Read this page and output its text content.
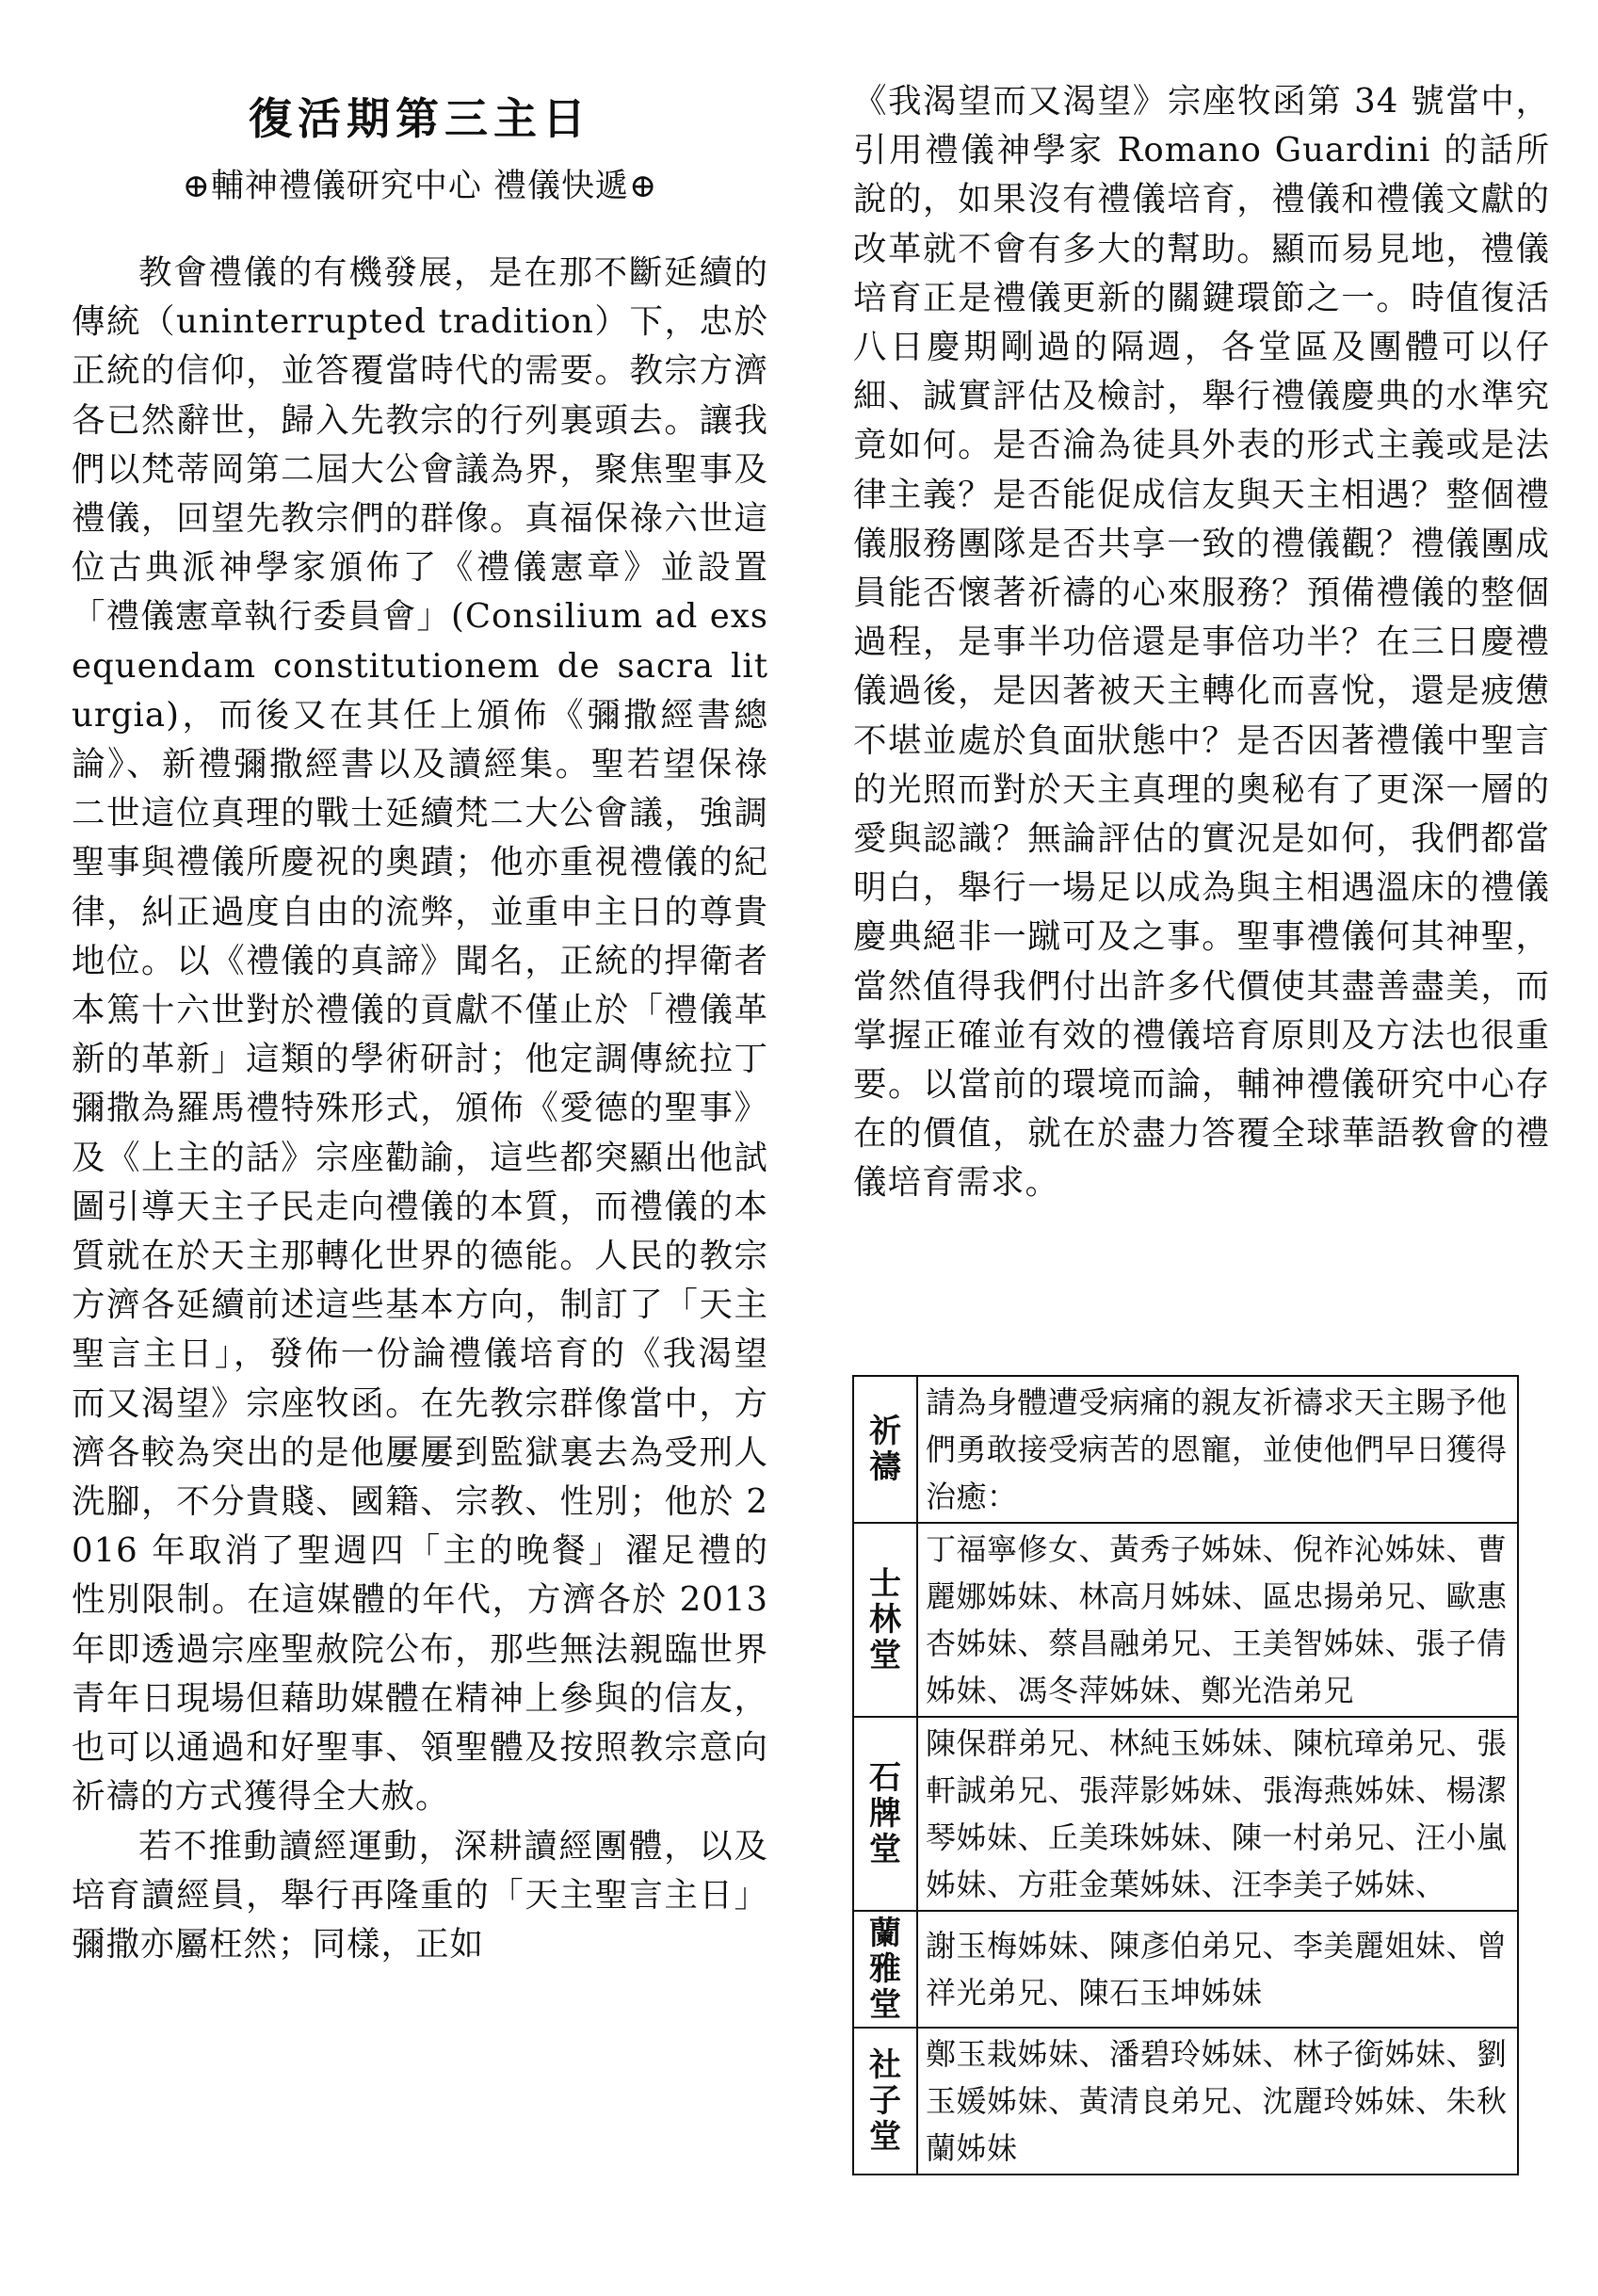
復活期第三主日
⊕輔神禮儀研究中心 禮儀快遞⊕

教會禮儀的有機發展，是在那不斷延續的傳統（uninterrupted tradition）下，忠於正統的信仰，並答覆當時代的需要。教宗方濟各已然辭世，歸入先教宗的行列裏頭去。讓我們以梵蒂岡第二屆大公會議為界，聚焦聖事及禮儀，回望先教宗們的群像。真福保祿六世這位古典派神學家頒佈了《禮儀憲章》並設置「禮儀憲章執行委員會」(Consilium ad exsequendam constitutionem de sacra liturgia)，而後又在其任上頒佈《彌撒經書總論》、新禮彌撒經書以及讀經集。聖若望保祿二世這位真理的戰士延續梵二大公會議，強調聖事與禮儀所慶祝的奧蹟；他亦重視禮儀的紀律，糾正過度自由的流弊，並重申主日的尊貴地位。以《禮儀的真諦》聞名，正統的捍衛者本篤十六世對於禮儀的貢獻不僅止於「禮儀革新的革新」這類的學術研討；他定調傳統拉丁彌撒為羅馬禮特殊形式，頒佈《愛德的聖事》及《上主的話》宗座勸諭，這些都突顯出他試圖引導天主子民走向禮儀的本質，而禮儀的本質就在於天主那轉化世界的德能。人民的教宗方濟各延續前述這些基本方向，制訂了「天主聖言主日」，發佈一份論禮儀培育的《我渴望而又渴望》宗座牧函。在先教宗群像當中，方濟各較為突出的是他屢屢到監獄裏去為受刑人洗腳，不分貴賤、國籍、宗教、性別；他於 2016 年取消了聖週四「主的晚餐」濯足禮的性別限制。在這媒體的年代，方濟各於 2013 年即透過宗座聖赦院公布，那些無法親臨世界青年日現場但藉助媒體在精神上參與的信友，也可以通過和好聖事、領聖體及按照教宗意向祈禱的方式獲得全大赦。

若不推動讀經運動，深耕讀經團體，以及培育讀經員，舉行再隆重的「天主聖言主日」彌撒亦屬枉然；同樣，正如

《我渴望而又渴望》宗座牧函第 34 號當中，引用禮儀神學家 Romano Guardini 的話所說的，如果沒有禮儀培育，禮儀和禮儀文獻的改革就不會有多大的幫助。顯而易見地，禮儀培育正是禮儀更新的關鍵環節之一。時值復活八日慶期剛過的隔週，各堂區及團體可以仔細、誠實評估及檢討，舉行禮儀慶典的水準究竟如何。是否淪為徒具外表的形式主義或是法律主義？是否能促成信友與天主相遇？整個禮儀服務團隊是否共享一致的禮儀觀？禮儀團成員能否懷著祈禱的心來服務？預備禮儀的整個過程，是事半功倍還是事倍功半？在三日慶禮儀過後，是因著被天主轉化而喜悅，還是疲憊不堪並處於負面狀態中？是否因著禮儀中聖言的光照而對於天主真理的奧秘有了更深一層的愛與認識？無論評估的實況是如何，我們都當明白，舉行一場足以成為與主相遇溫床的禮儀慶典絕非一蹴可及之事。聖事禮儀何其神聖，當然值得我們付出許多代價使其盡善盡美，而掌握正確並有效的禮儀培育原則及方法也很重要。以當前的環境而論，輔神禮儀研究中心存在的價值，就在於盡力答覆全球華語教會的禮儀培育需求。

祈
禱	請為身體遭受病痛的親友祈禱求天主賜予他們勇敢接受病苦的恩寵，並使他們早日獲得治癒：

士
林
堂	丁福寧修女、黃秀子姊妹、倪祚沁姊妹、曹麗娜姊妹、林高月姊妹、區忠揚弟兄、歐惠杏姊妹、蔡昌融弟兄、王美智姊妹、張子倩姊妹、馮冬萍姊妹、鄭光浩弟兄

石
牌
堂	陳保群弟兄、林純玉姊妹、陳杭璋弟兄、張軒誠弟兄、張萍影姊妹、張海燕姊妹、楊潔琴姊妹、丘美珠姊妹、陳一村弟兄、汪小嵐姊妹、方莊金葉姊妹、汪李美子姊妹、

蘭
雅
堂	謝玉梅姊妹、陳彥伯弟兄、李美麗姐妹、曾祥光弟兄、陳石玉坤姊妹

社
子
堂	鄭玉栽姊妹、潘碧玲姊妹、林子銜姊妹、劉玉媛姊妹、黃清良弟兄、沈麗玲姊妹、朱秋蘭姊妹
